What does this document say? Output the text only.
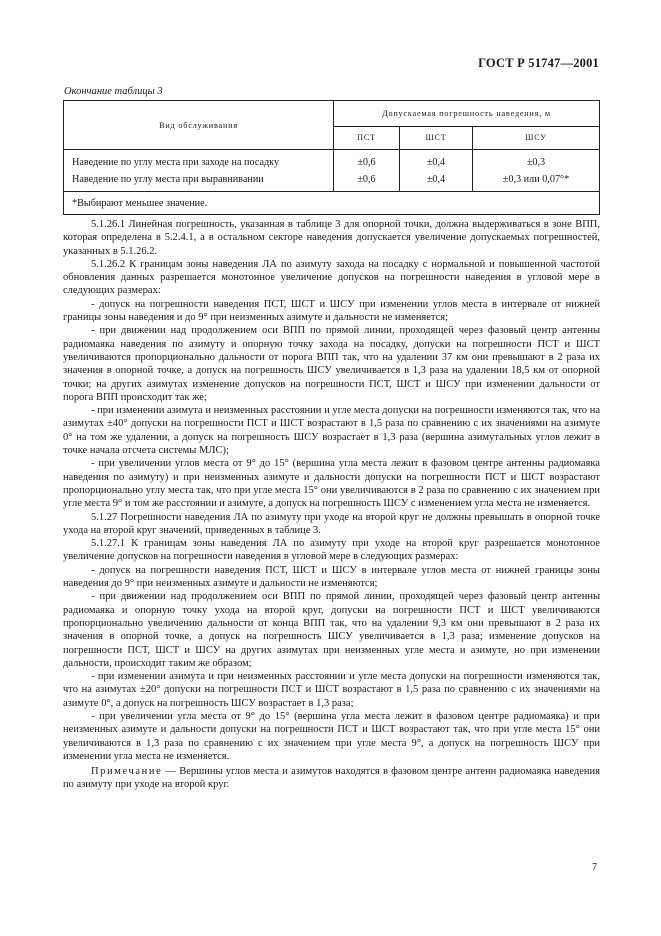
ГОСТ Р 51747—2001
Окончание таблицы 3
Вид обслуживания	Допускаемая погрешность наведения, м		
	ПСТ	ШСТ	ШСУ
Наведение по углу места при заходе на посадку	±0,6	±0,4	±0,3
Наведение по углу места при выравнивании	±0,6	±0,4	±0,3 или 0,07°*
*Выбирают меньшее значение.			

5.1.26.1 Линейная погрешность, указанная в таблице 3 для опорной точки, должна выдерживаться в зоне ВПП, которая определена в 5.2.4.1, а в остальном секторе наведения допускается увеличение допускаемых погрешностей, указанных в 5.1.26.2.

5.1.26.2 К границам зоны наведения ЛА по азимуту захода на посадку с нормальной и повышенной частотой обновления данных разрешается монотонное увеличение допусков на погрешности наведения в угловой мере в следующих размерах:

- допуск на погрешности наведения ПСТ, ШСТ и ШСУ при изменении углов места в интервале от нижней границы зоны наведения и до 9° при неизменных азимуте и дальности не изменяется;

- при движении над продолжением оси ВПП по прямой линии, проходящей через фазовый центр антенны радиомаяка наведения по азимуту и опорную точку захода на посадку, допуски на погрешности ПСТ и ШСТ увеличиваются пропорционально дальности от порога ВПП так, что на удалении 37 км они превышают в 2 раза их значения в опорной точке, а допуск на погрешность ШСУ увеличивается в 1,3 раза на удалении 18,5 км от опорной точки; на других азимутах изменение допусков на погрешности ПСТ, ШСТ и ШСУ при изменении дальности от порога ВПП происходит так же;

- при изменении азимута и неизменных расстоянии и угле места допуски на погрешности изменяются так, что на азимутах ±40° допуски на погрешности ПСТ и ШСТ возрастают в 1,5 раза по сравнению с их значениями на азимуте 0° на том же удалении, а допуск на погрешность ШСУ возрастает в 1,3 раза (вершина азимутальных углов лежит в точке начала отсчета системы МЛС);

- при увеличении углов места от 9° до 15° (вершина угла места лежит в фазовом центре антенны радиомаяка наведения по азимуту) и при неизменных азимуте и дальности допуски на погрешности ПСТ и ШСТ возрастают пропорционально углу места так, что при угле места 15° они увеличиваются в 2 раза по сравнению с их значением при угле места 9° и том же расстоянии и азимуте, а допуск на погрешность ШСУ с изменением угла места не изменяется.

5.1.27 Погрешности наведения ЛА по азимуту при уходе на второй круг не должны превышать в опорной точке ухода на второй круг значений, приведенных в таблице 3.

5.1.27.1 К границам зоны наведения ЛА по азимуту при уходе на второй круг разрешается монотонное увеличение допусков на погрешности наведения в угловой мере в следующих размерах:

- допуск на погрешности наведения ПСТ, ШСТ и ШСУ в интервале углов места от нижней границы зоны наведения до 9° при неизменных азимуте и дальности не изменяются;

- при движении над продолжением оси ВПП по прямой линии, проходящей через фазовый центр антенны радиомаяка и опорную точку ухода на второй круг, допуски на погрешности ПСТ и ШСТ увеличиваются пропорционально увеличению дальности от конца ВПП так, что на удалении 9,3 км они превышают в 2 раза их значения в опорной точке, а допуск на погрешность ШСУ увеличивается в 1,3 раза; изменение допусков на погрешности ПСТ, ШСТ и ШСУ на других азимутах при неизменных угле места и азимуте, но при изменении дальности, происходит таким же образом;

- при изменении азимута и при неизменных расстоянии и угле места допуски на погрешности изменяются так, что на азимутах ±20° допуски на погрешности ПСТ и ШСТ возрастают в 1,5 раза по сравнению с их значениями на азимуте 0°, а допуск на погрешность ШСУ возрастает в 1,3 раза;

- при увеличении угла места от 9° до 15° (вершина угла места лежит в фазовом центре радиомаяка) и при неизменных азимуте и дальности допуски на погрешности ПСТ и ШСТ возрастают так, что при угле места 15° они увеличиваются в 1,3 раза по сравнению с их значением при угле места 9°, а допуск на погрешность ШСУ при изменении угла места не изменяется.

Примечание — Вершины углов места и азимутов находятся в фазовом центре антенн радиомаяка наведения по азимуту при уходе на второй круг.

7
